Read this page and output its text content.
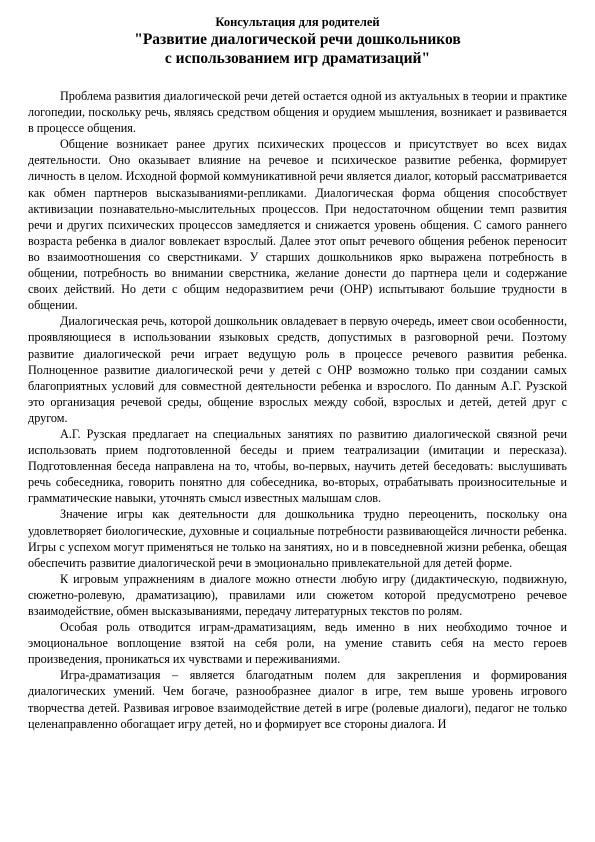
Консультация для родителей

"Развитие диалогической речи дошкольников
с использованием игр драматизаций"

Проблема развития диалогической речи детей остается одной из актуальных в теории и практике логопедии, поскольку речь, являясь средством общения и орудием мышления, возникает и развивается в процессе общения.

Общение возникает ранее других психических процессов и присутствует во всех видах деятельности. Оно оказывает влияние на речевое и психическое развитие ребенка, формирует личность в целом. Исходной формой коммуникативной речи является диалог, который рассматривается как обмен партнеров высказываниями-репликами. Диалогическая форма общения способствует активизации познавательно-мыслительных процессов. При недостаточном общении темп развития речи и других психических процессов замедляется и снижается уровень общения. С самого раннего возраста ребенка в диалог вовлекает взрослый. Далее этот опыт речевого общения ребенок переносит во взаимоотношения со сверстниками. У старших дошкольников ярко выражена потребность в общении, потребность во внимании сверстника, желание донести до партнера цели и содержание своих действий. Но дети с общим недоразвитием речи (ОНР) испытывают большие трудности в общении.

Диалогическая речь, которой дошкольник овладевает в первую очередь, имеет свои особенности, проявляющиеся в использовании языковых средств, допустимых в разговорной речи. Поэтому развитие диалогической речи играет ведущую роль в процессе речевого развития ребенка. Полноценное развитие диалогической речи у детей с ОНР возможно только при создании самых благоприятных условий для совместной деятельности ребенка и взрослого. По данным А.Г. Рузской это организация речевой среды, общение взрослых между собой, взрослых и детей, детей друг с другом.

А.Г. Рузская предлагает на специальных занятиях по развитию диалогической связной речи использовать прием подготовленной беседы и прием театрализации (имитации и пересказа). Подготовленная беседа направлена на то, чтобы, во-первых, научить детей беседовать: выслушивать речь собеседника, говорить понятно для собеседника, во-вторых, отрабатывать произносительные и грамматические навыки, уточнять смысл известных малышам слов.

Значение игры как деятельности для дошкольника трудно переоценить, поскольку она удовлетворяет биологические, духовные и социальные потребности развивающейся личности ребенка. Игры с успехом могут применяться не только на занятиях, но и в повседневной жизни ребенка, обещая обеспечить развитие диалогической речи в эмоционально привлекательной для детей форме.

К игровым упражнениям в диалоге можно отнести любую игру (дидактическую, подвижную, сюжетно-ролевую, драматизацию), правилами или сюжетом которой предусмотрено речевое взаимодействие, обмен высказываниями, передачу литературных текстов по ролям.

Особая роль отводится играм-драматизациям, ведь именно в них необходимо точное и эмоциональное воплощение взятой на себя роли, на умение ставить себя на место героев произведения, проникаться их чувствами и переживаниями.

Игра-драматизация – является благодатным полем для закрепления и формирования диалогических умений. Чем богаче, разнообразнее диалог в игре, тем выше уровень игрового творчества детей. Развивая игровое взаимодействие детей в игре (ролевые диалоги), педагог не только целенаправленно обогащает игру детей, но и формирует все стороны диалога. И
